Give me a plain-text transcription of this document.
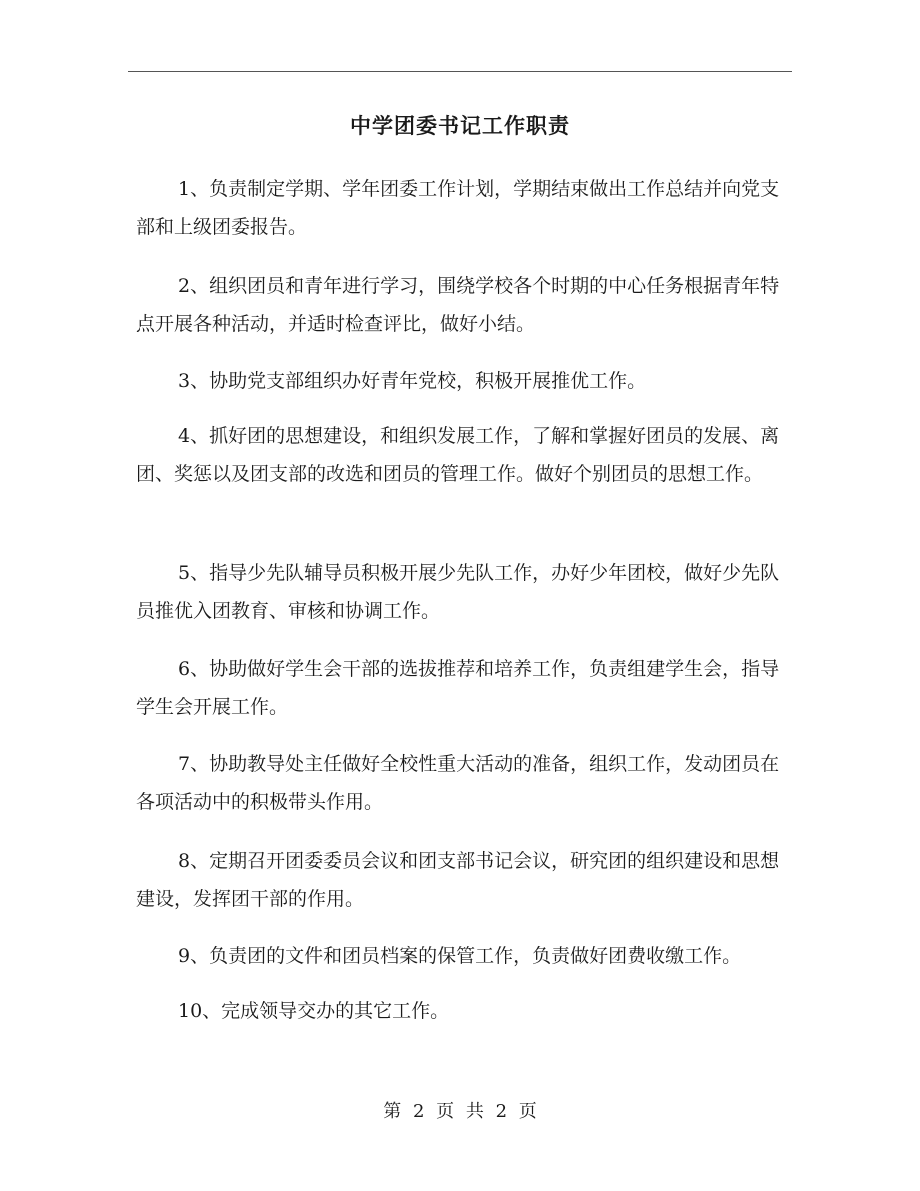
中学团委书记工作职责

1、负责制定学期、学年团委工作计划，学期结束做出工作总结并向党支部和上级团委报告。

2、组织团员和青年进行学习，围绕学校各个时期的中心任务根据青年特点开展各种活动，并适时检查评比，做好小结。

3、协助党支部组织办好青年党校，积极开展推优工作。

4、抓好团的思想建设，和组织发展工作，了解和掌握好团员的发展、离团、奖惩以及团支部的改选和团员的管理工作。做好个别团员的思想工作。

5、指导少先队辅导员积极开展少先队工作，办好少年团校，做好少先队员推优入团教育、审核和协调工作。

6、协助做好学生会干部的选拔推荐和培养工作，负责组建学生会，指导学生会开展工作。

7、协助教导处主任做好全校性重大活动的准备，组织工作，发动团员在各项活动中的积极带头作用。

8、定期召开团委委员会议和团支部书记会议，研究团的组织建设和思想建设，发挥团干部的作用。

9、负责团的文件和团员档案的保管工作，负责做好团费收缴工作。

10、完成领导交办的其它工作。

第 2 页 共 2 页
